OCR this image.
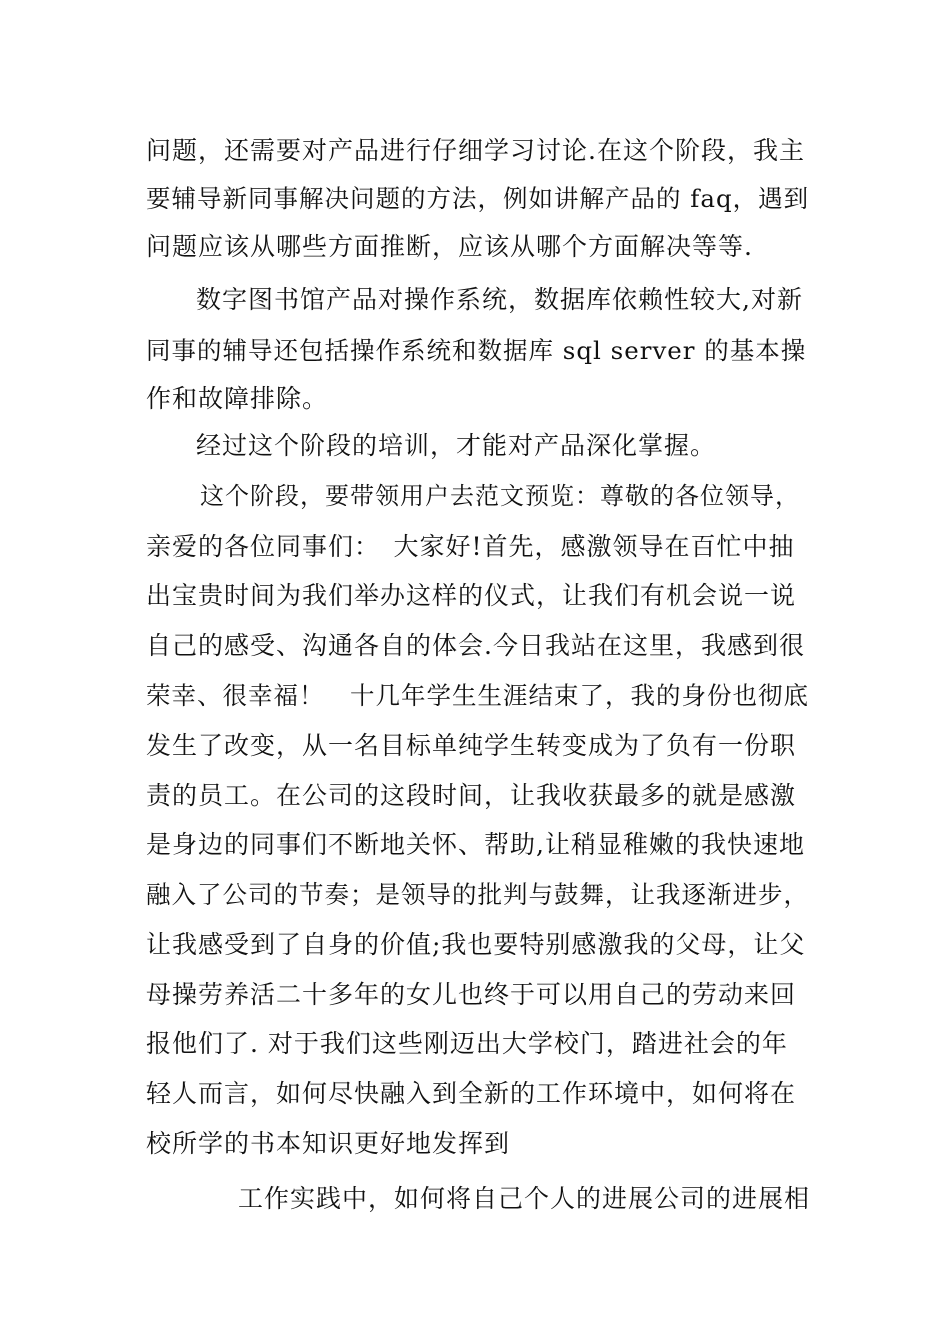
问题，还需要对产品进行仔细学习讨论.在这个阶段，我主
要辅导新同事解决问题的方法，例如讲解产品的 faq，遇到
问题应该从哪些方面推断，应该从哪个方面解决等等.
数字图书馆产品对操作系统，数据库依赖性较大,对新
同事的辅导还包括操作系统和数据库 sql server 的基本操
作和故障排除。
经过这个阶段的培训，才能对产品深化掌握。
这个阶段，要带领用户去范文预览：尊敬的各位领导，
亲爱的各位同事们：　大家好!首先，感激领导在百忙中抽
出宝贵时间为我们举办这样的仪式，让我们有机会说一说
自己的感受、沟通各自的体会.今日我站在这里，我感到很
荣幸、很幸福！　十几年学生生涯结束了，我的身份也彻底
发生了改变，从一名目标单纯学生转变成为了负有一份职
责的员工。在公司的这段时间，让我收获最多的就是感激
是身边的同事们不断地关怀、帮助,让稍显稚嫩的我快速地
融入了公司的节奏；是领导的批判与鼓舞，让我逐渐进步，
让我感受到了自身的价值;我也要特别感激我的父母，让父
母操劳养活二十多年的女儿也终于可以用自己的劳动来回
报他们了. 对于我们这些刚迈出大学校门，踏进社会的年
轻人而言，如何尽快融入到全新的工作环境中，如何将在
校所学的书本知识更好地发挥到
工作实践中，如何将自己个人的进展公司的进展相
